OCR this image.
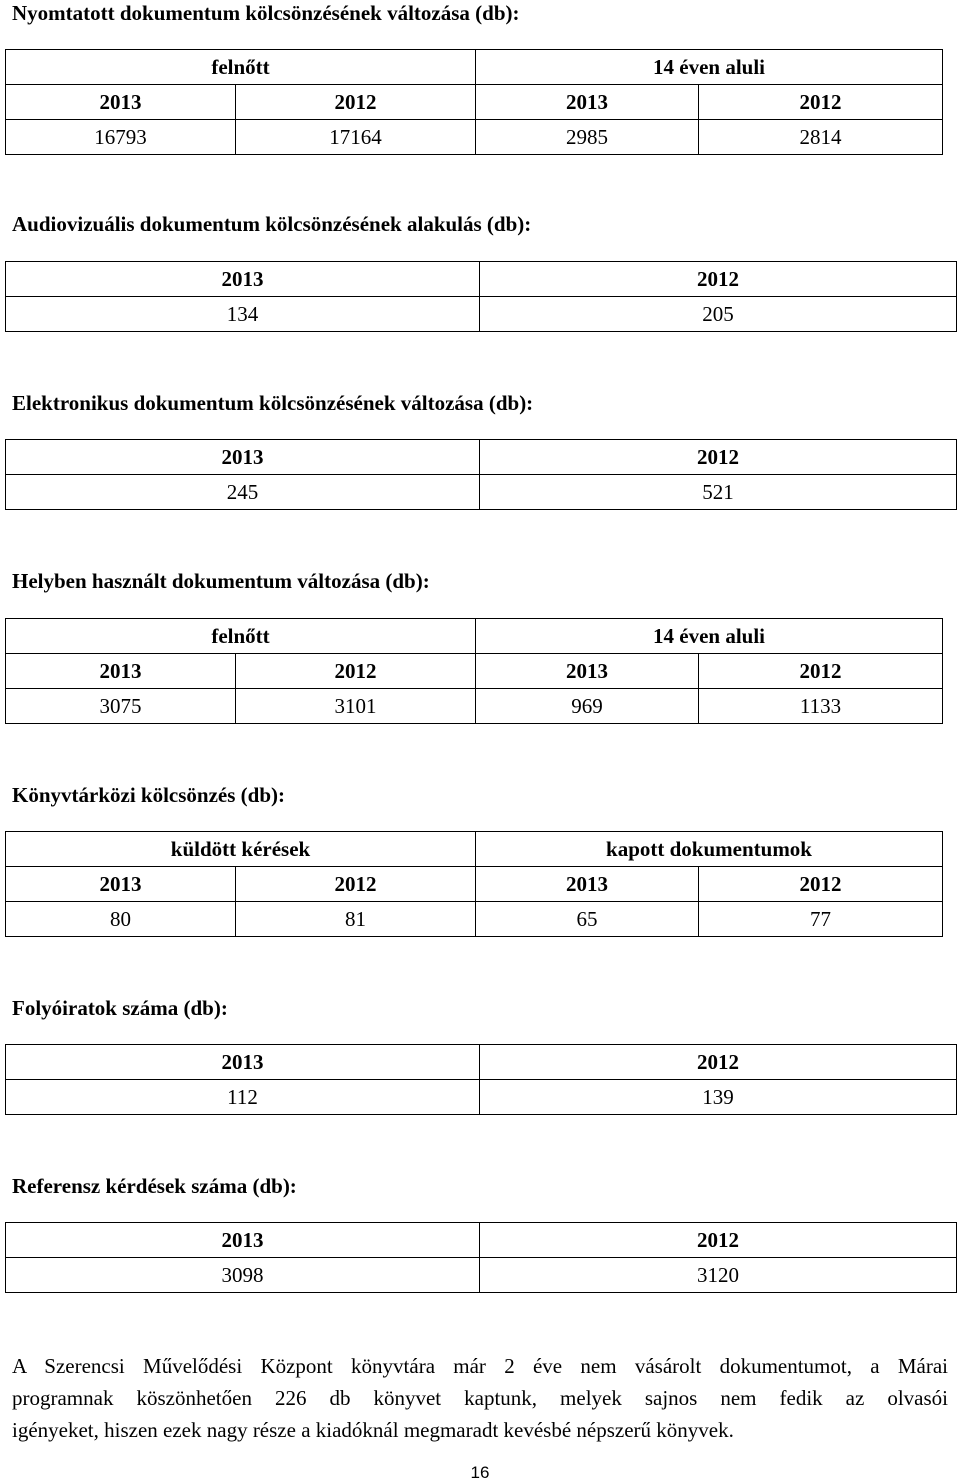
Nyomtatott dokumentum kölcsönzésének változása (db):
felnőtt		14 éven aluli	
2013	2012	2013	2012
16793	17164	2985	2814
Audiovizuális dokumentum kölcsönzésének alakulás (db):
2013	2012
134	205
Elektronikus dokumentum kölcsönzésének változása (db):
2013	2012
245	521
Helyben használt dokumentum változása (db):
felnőtt		14 éven aluli	
2013	2012	2013	2012
3075	3101	969	1133
Könyvtárközi kölcsönzés (db):
küldött kérések		kapott dokumentumok	
2013	2012	2013	2012
80	81	65	77
Folyóiratok száma (db):
2013	2012
112	139
Referensz kérdések száma (db):
2013	2012
3098	3120

A Szerencsi Művelődési Központ könyvtára már 2 éve nem vásárolt dokumentumot, a Márai
programnak köszönhetően 226 db könyvet kaptunk, melyek sajnos nem fedik az olvasói
igényeket, hiszen ezek nagy része a kiadóknál megmaradt kevésbé népszerű könyvek.

16
